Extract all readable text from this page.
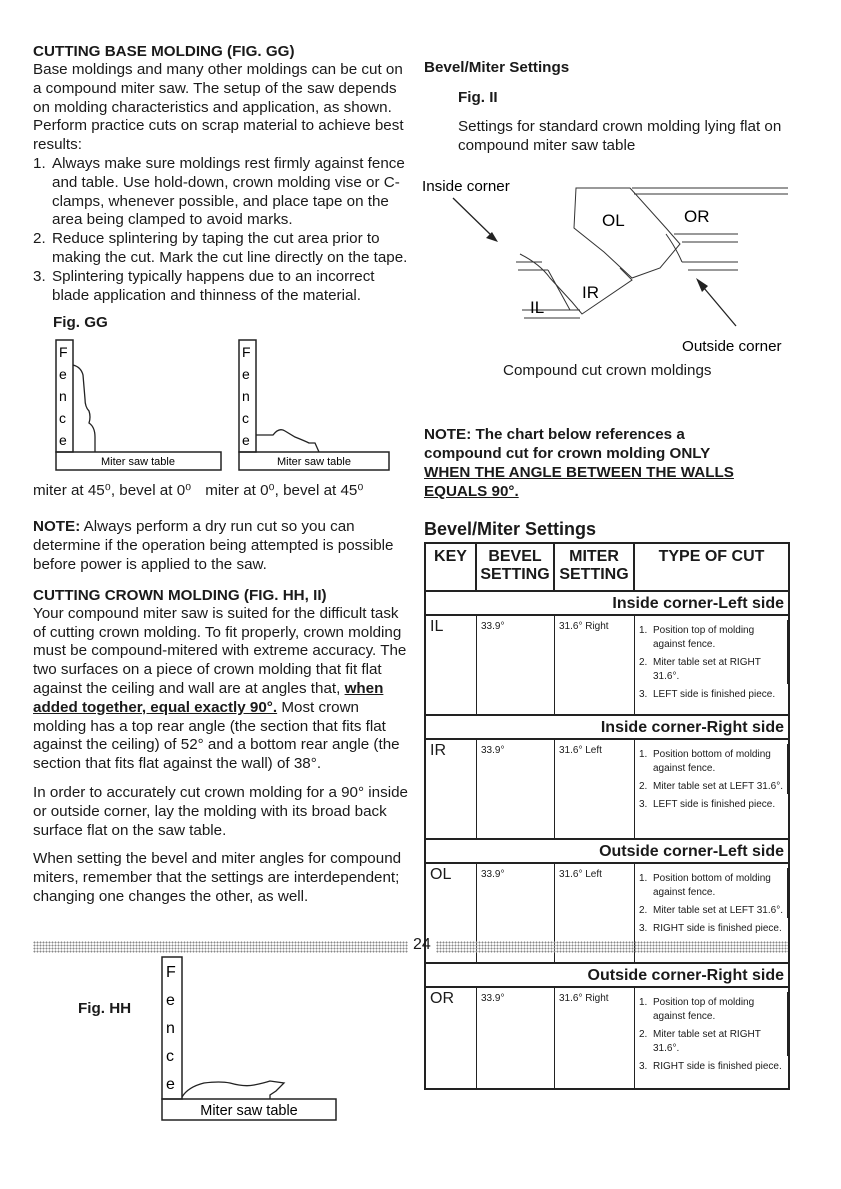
CUTTING BASE MOLDING (FIG. GG)
Base moldings and many other moldings can be cut on a compound miter saw. The setup of the saw depends on molding characteristics and application, as shown. Perform practice cuts on scrap material to achieve best results:
1. Always make sure moldings rest firmly against fence and table. Use hold-down, crown molding vise or C-clamps, whenever possible, and place tape on the area being clamped to avoid marks.
2. Reduce splintering by taping the cut area prior to making the cut. Mark the cut line directly on the tape.
3. Splintering typically happens due to an incorrect blade application and thinness of the material.
Fig. GG
F
e
n
c
e
Miter saw table
F
e
n
c
e
Miter saw table
miter at 45⁰, bevel at 0⁰ miter at 0⁰, bevel at 45⁰
NOTE: Always perform a dry run cut so you can determine if the operation being attempted is possible before power is applied to the saw.
CUTTING CROWN MOLDING (FIG. HH, II)
Your compound miter saw is suited for the difficult task of cutting crown molding. To fit properly, crown molding must be compound-mitered with extreme accuracy. The two surfaces on a piece of crown molding that fit flat against the ceiling and wall are at angles that, when added together, equal exactly 90°. Most crown molding has a top rear angle (the section that fits flat against the ceiling) of 52° and a bottom rear angle (the section that fits flat against the wall) of 38°.
In order to accurately cut crown molding for a 90° inside or outside corner, lay the molding with its broad back surface flat on the saw table.
When setting the bevel and miter angles for compound miters, remember that the settings are interdependent; changing one changes the other, as well.
Fig. HH
F
e
n
c
e
Miter saw table
Bevel/Miter Settings
Fig. II
Settings for standard crown molding lying flat on compound miter saw table
Inside corner
OL	OR
IR
IL
Outside corner
Compound cut crown moldings
NOTE: The chart below references a
compound cut for crown molding ONLY
WHEN THE ANGLE BETWEEN THE WALLS
EQUALS 90°.
Bevel/Miter Settings
KEY	BEVEL
SETTING
MITER
SETTING
TYPE OF CUT
Inside corner-Left side
IL	33.9°	31.6° Right	1. Position top of molding against fence.
2. Miter table set at RIGHT 31.6°.
3. LEFT side is finished piece.
Inside corner-Right side
IR	33.9°	31.6° Left	1. Position bottom of molding against fence.
2. Miter table set at LEFT 31.6°.
3. LEFT side is finished piece.
Outside corner-Left side
OL	33.9°	31.6° Left	1. Position bottom of molding against fence.
2. Miter table set at LEFT 31.6°.
3. RIGHT side is finished piece.
Outside corner-Right side
OR	33.9°	31.6° Right	1. Position top of molding against fence.
2. Miter table set at RIGHT 31.6°.
3. RIGHT side is finished piece.
24
